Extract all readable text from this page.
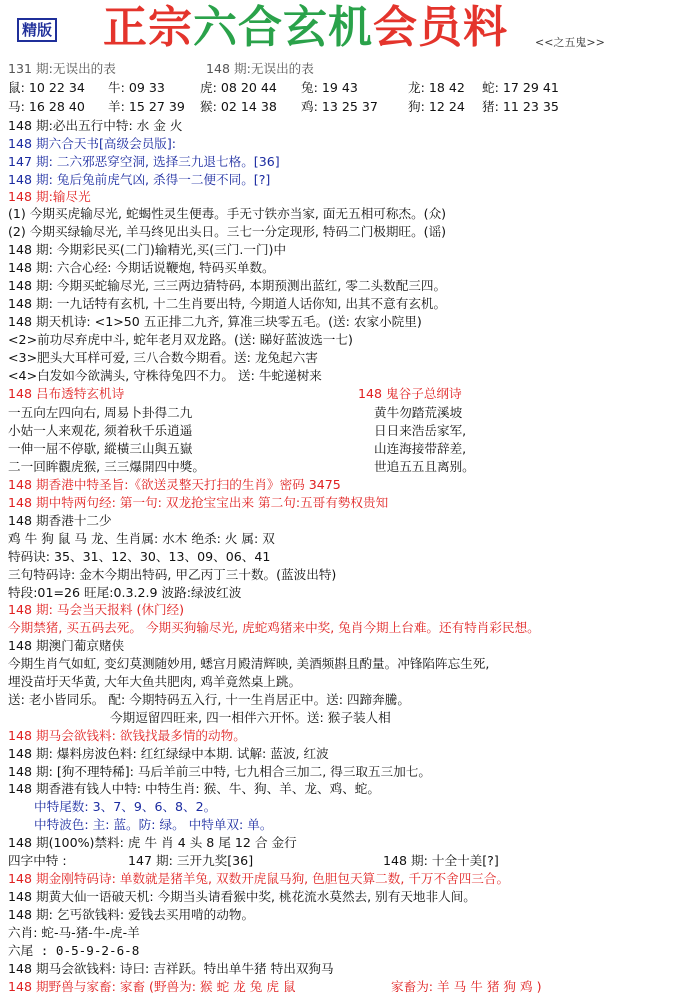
精版 正宗六合玄机会员料 <<之五鬼>>
131 期:无误出的表	148 期:无误出的表
鼠: 10 22 34 牛: 09 33	虎: 08 20 44 兔: 19 43	龙: 18 42 蛇: 17 29 41
马: 16 28 40 羊: 15 27 39 猴: 02 14 38 鸡: 13 25 37 狗: 12 24 猪: 11 23 35
148 期:必出五行中特: 水 金 火
148 期六合天书[高级会员版]:
147 期: 二六邪恶穿空洞, 选择三九退七格。[36]
148 期: 兔后兔前虎气凶, 杀得一二便不同。[?]
148 期:输尽光
(1) 今期买虎输尽光, 蛇蝎性灵生便毒。手无寸铁亦当家, 面无五相可称杰。(众)
(2) 今期买绿输尽光, 羊马终见出头日。三七一分定现形, 特码二门极期旺。(谣)
148 期: 今期彩民买(二门)输精光,买(三门.一门)中
148 期: 六合心经: 今期话说鞭炮, 特码买单数。
148 期: 今期买蛇输尽光, 三三两边猜特码, 本期预测出蓝红, 零二头数配三四。
148 期: 一九话特有玄机, 十二生肖要出特, 今期道人话你知, 出其不意有玄机。
148 期天机诗: <1>50 五正排二九齐, 算准三块零五毛。(送: 农家小院里)
<2>前功尽弃虎中斗, 蛇年老月双龙路。(送: 睇好蓝波选一七)
<3>肥头大耳样可爱, 三八合数今期看。送: 龙兔起六害
<4>白发如今欲满头, 守株待兔四不力。 送: 牛蛇递树来
148 吕布透特玄机诗	148 鬼谷子总纲诗
一五向左四向右, 周易卜卦得二九	黄牛勿踏荒溪坡
小姑一人来观花, 须着秋千乐逍遥	日日来浩岳家军,
一伸一屈不停歇, 縱橫三山與五嶽	山连海接带辞差,
二一回眸觀虎猴, 三三爆開四中獎。	世追五五且离别。
148 期香港中特圣旨:《欲送灵整天打扫的生肖》密码 3475
148 期中特两句经: 第一句: 双龙抢宝宝出来 第二句:五哥有勢权贵知
148 期香港十二少
鸡 牛 狗 鼠 马 龙、生肖属: 水木 绝杀: 火 属: 双
特码诀: 35、31、12、30、13、09、06、41
三句特码诗: 金木今期出特码, 甲乙丙丁三十数。(蓝波出特)
特段:01=26 旺尾:0.3.2.9 波路:绿波红波
148 期: 马会当天报料 (休门经)
今期禁猪, 买五码去死。 今期买狗输尽光, 虎蛇鸡猪来中奖, 兔肖今期上台难。还有特肖彩民想。
148 期澳门葡京赌侠
今期生肖气如虹, 变幻莫测随妙用, 蟋宫月殿清辉映, 美酒频斟且酌量。冲锋陷阵忘生死,
埋没苗圩天华黄, 大年大鱼共肥肉, 鸡羊竟然桌上跳。
送: 老小皆同乐。 配: 今期特码五入行, 十一生肖居正中。送: 四蹄奔騰。
今期逗留四旺来, 四一相伴六开怀。送: 猴子装人相
148 期马会欲钱料: 欲钱找最多情的动物。
148 期: 爆料房波色料: 红红绿绿中本期. 试解: 蓝波, 红波
148 期: [狗不理特稀]: 马后羊前三中特, 七九相合三加二, 得三取五三加七。
148 期香港有钱人中特: 中特生肖: 猴、牛、狗、羊、龙、鸡、蛇。
中特尾数: 3、7、9、6、8、2。
中特波色: 主: 蓝。防: 绿。 中特单双: 单。
148 期(100%)禁料: 虎 牛 肖 4 头 8 尾 12 合 金行
四字中特 :	147 期: 三开九奖[36]	148 期: 十全十美[?]
148 期金刚特码诗: 单数就是猪羊兔, 双数开虎鼠马狗, 色胆包天算二数, 千万不舍四三合。
148 期黄大仙一语破天机: 今期当头请看猴中奖, 桃花流水莫然去, 别有天地非人间。
148 期: 乞丐欲钱料: 爱钱去买用啃的动物。
六肖: 蛇-马-猪-牛-虎-羊
六尾 : 0-5-9-2-6-8
148 期马会欲钱料: 诗曰: 吉祥跃。特出单牛猪 特出双狗马
148 期野兽与家畜: 家畜 (野兽为: 猴 蛇 龙 兔 虎 鼠	家畜为: 羊 马 牛 猪 狗 鸡 )
